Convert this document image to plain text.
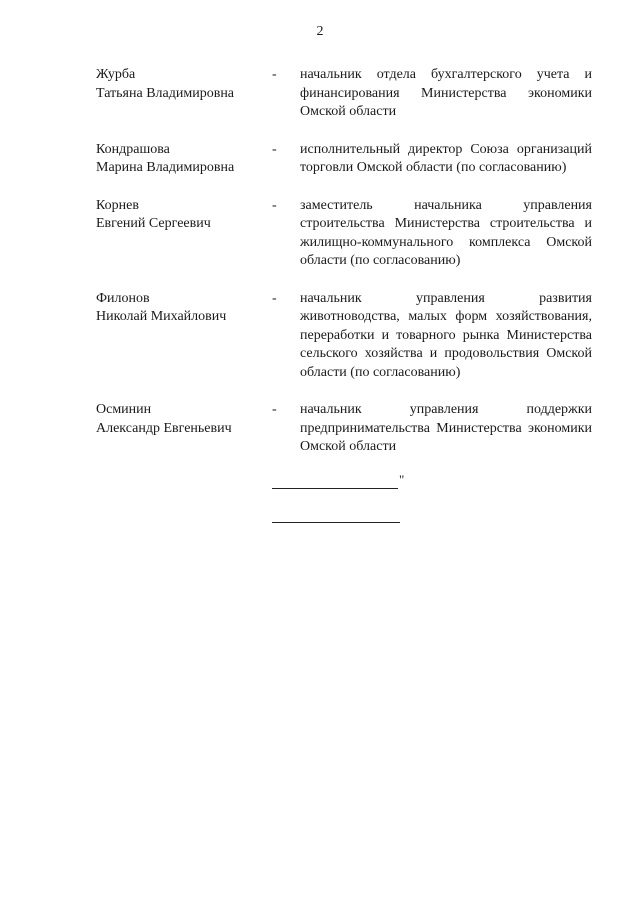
2
Журба
Татьяна Владимировна
-	начальник отдела бухгалтерского учета и финансирования Министерства экономики Омской области
Кондрашова
Марина Владимировна
-	исполнительный директор Союза организаций торговли Омской области (по согласованию)
Корнев
Евгений Сергеевич
-	заместитель начальника управления строительства Министерства строительства и жилищно-коммунального комплекса Омской области (по согласованию)
Филонов
Николай Михайлович
-	начальник управления развития животноводства, малых форм хозяйствования, переработки и товарного рынка Министерства сельского хозяйства и продовольствия Омской области (по согласованию)
Осминин
Александр Евгеньевич
-	начальник управления поддержки предпринимательства Министерства экономики Омской области
"
